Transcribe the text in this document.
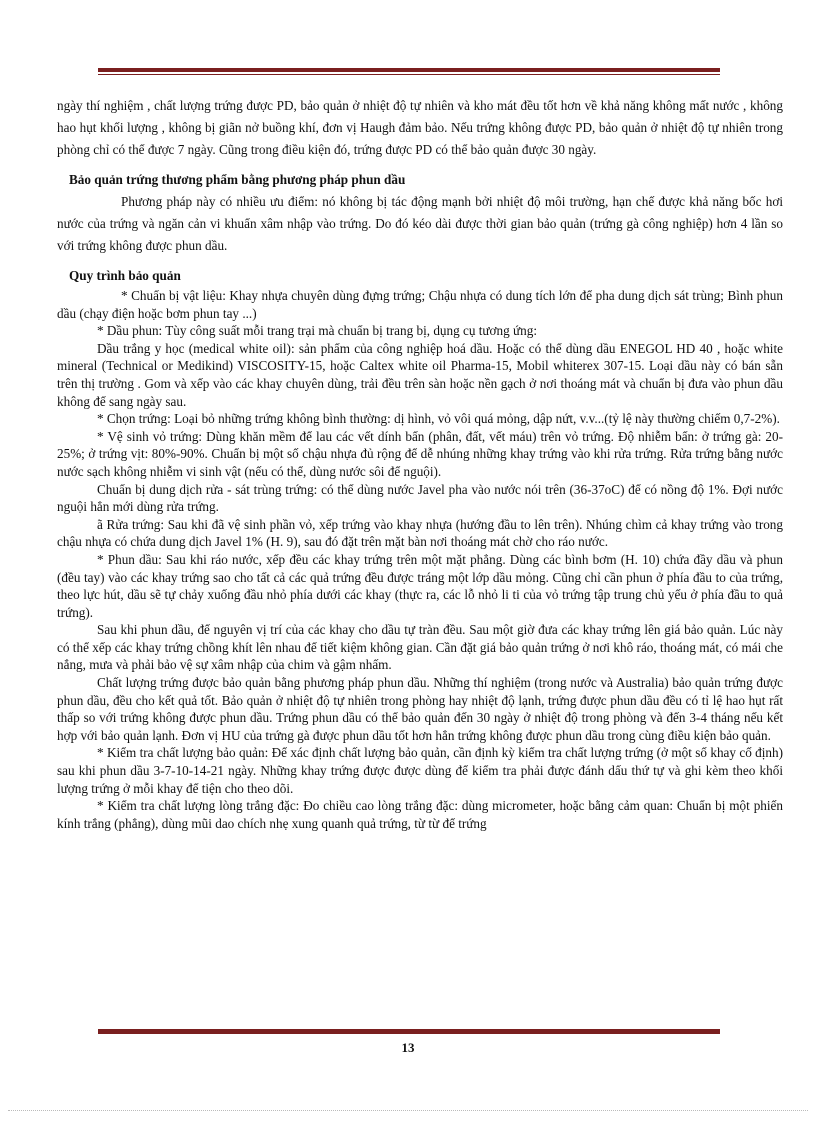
ngày thí nghiệm , chất lượng trứng được PD, bảo quản ở nhiệt độ tự nhiên và kho mát đều tốt hơn về khả năng không mất nước , không hao hụt khối lượng , không bị giãn nở buồng khí, đơn vị Haugh đảm bảo. Nếu trứng không được PD, bảo quản ở nhiệt độ tự nhiên trong phòng chỉ có thể được 7 ngày. Cũng trong điều kiện đó, trứng được PD có thể bảo quản được 30 ngày.

Bảo quản trứng thương phẩm bằng phương pháp phun dầu

Phương pháp này có nhiều ưu điểm: nó không bị tác động mạnh bởi nhiệt độ môi trường, hạn chế được khả năng bốc hơi nước của trứng và ngăn cản vi khuẩn xâm nhập vào trứng. Do đó kéo dài được thời gian bảo quản (trứng gà công nghiệp) hơn 4 lần so với trứng không được phun dầu.

Quy trình bảo quản

* Chuẩn bị vật liệu: Khay nhựa chuyên dùng đựng trứng; Chậu nhựa có dung tích lớn để pha dung dịch sát trùng; Bình phun dầu (chạy điện hoặc bơm phun tay ...)

* Dầu phun: Tùy công suất mỗi trang trại mà chuẩn bị trang bị, dụng cụ tương ứng:

Dầu trắng y học (medical white oil): sản phẩm của công nghiệp hoá dầu. Hoặc có thể dùng dầu ENEGOL HD 40 , hoặc white mineral (Technical or Medikind) VISCOSITY-15, hoặc Caltex white oil Pharma-15, Mobil whiterex 307-15. Loại dầu này có bán sẵn trên thị trường . Gom và xếp vào các khay chuyên dùng, trải đều trên sàn hoặc nền gạch ở nơi thoáng mát và chuẩn bị đưa vào phun dầu không để sang ngày sau.

* Chọn trứng: Loại bỏ những trứng không bình thường: dị hình, vỏ vôi quá mỏng, dập nứt, v.v...(tỷ lệ này thường chiếm 0,7-2%).

* Vệ sinh vỏ trứng: Dùng khăn mềm để lau các vết dính bẩn (phân, đất, vết máu) trên vỏ trứng. Độ nhiễm bẩn: ở trứng gà: 20-25%; ở trứng vịt: 80%-90%. Chuẩn bị một số chậu nhựa đủ rộng để dễ nhúng những khay trứng vào khi rửa trứng. Rửa trứng bằng nước nước sạch không nhiễm vi sinh vật (nếu có thể, dùng nước sôi để nguội).

Chuẩn bị dung dịch rửa - sát trùng trứng: có thể dùng nước Javel pha vào nước nói trên (36-37oC) để có nồng độ 1%. Đợi nước nguội hẳn mới dùng rửa trứng.

ã Rửa trứng: Sau khi đã vệ sinh phần vỏ, xếp trứng vào khay nhựa (hướng đầu to lên trên). Nhúng chìm cả khay trứng vào trong chậu nhựa có chứa dung dịch Javel 1% (H. 9), sau đó đặt trên mặt bàn nơi thoáng mát chờ cho ráo nước.

* Phun dầu: Sau khi ráo nước, xếp đều các khay trứng trên một mặt phẳng. Dùng các bình bơm (H. 10) chứa đầy dầu và phun (đều tay) vào các khay trứng sao cho tất cả các quả trứng đều được tráng một lớp dầu mỏng. Cũng chỉ cần phun ở phía đầu to của trứng, theo lực hút, dầu sẽ tự chảy xuống đầu nhỏ phía dưới các khay (thực ra, các lỗ nhỏ li ti của vỏ trứng tập trung chủ yếu ở phía đầu to quả trứng).

Sau khi phun dầu, để nguyên vị trí của các khay cho dầu tự tràn đều. Sau một giờ đưa các khay trứng lên giá bảo quản. Lúc này có thể xếp các khay trứng chồng khít lên nhau để tiết kiệm không gian. Cần đặt giá bảo quản trứng ở nơi khô ráo, thoáng mát, có mái che nắng, mưa và phải bảo vệ sự xâm nhập của chim và gậm nhấm.

Chất lượng trứng được bảo quản bằng phương pháp phun dầu. Những thí nghiệm (trong nước và Australia) bảo quản trứng được phun dầu, đều cho kết quả tốt. Bảo quản ở nhiệt độ tự nhiên trong phòng hay nhiệt độ lạnh, trứng được phun dầu đều có tỉ lệ hao hụt rất thấp so với trứng không được phun dầu. Trứng phun dầu có thể bảo quản đến 30 ngày ở nhiệt độ trong phòng và đến 3-4 tháng nếu kết hợp với bảo quản lạnh. Đơn vị HU của trứng gà được phun dầu tốt hơn hẳn trứng không được phun dầu trong cùng điều kiện bảo quản.

* Kiểm tra chất lượng bảo quản: Để xác định chất lượng bảo quản, cần định kỳ kiểm tra chất lượng trứng (ở một số khay cố định) sau khi phun dầu 3-7-10-14-21 ngày. Những khay trứng được được dùng để kiểm tra phải được đánh dấu thứ tự và ghi kèm theo khối lượng trứng ở mỗi khay để tiện cho theo dõi.

* Kiểm tra chất lượng lòng trắng đặc: Đo chiều cao lòng trắng đặc: dùng micrometer, hoặc bằng cảm quan: Chuẩn bị một phiến kính trắng (phẳng), dùng mũi dao chích nhẹ xung quanh quả trứng, từ từ để trứng

13
